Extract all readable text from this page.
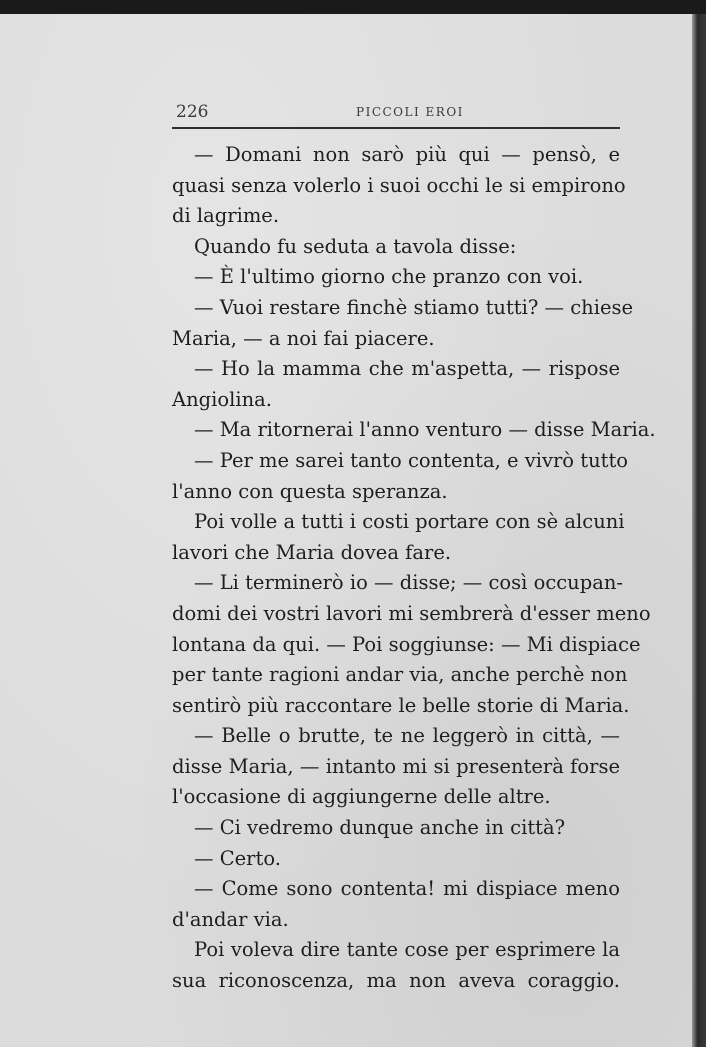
226	PICCOLI EROI
— Domani non sarò più qui — pensò, e
quasi senza volerlo i suoi occhi le si empirono
di lagrime.
Quando fu seduta a tavola disse:
— È l'ultimo giorno che pranzo con voi.
— Vuoi restare finchè stiamo tutti? — chiese
Maria, — a noi fai piacere.
— Ho la mamma che m'aspetta, — rispose
Angiolina.
— Ma ritornerai l'anno venturo — disse Maria.
— Per me sarei tanto contenta, e vivrò tutto
l'anno con questa speranza.
Poi volle a tutti i costi portare con sè alcuni
lavori che Maria dovea fare.
— Li terminerò io — disse; — così occupan-
domi dei vostri lavori mi sembrerà d'esser meno
lontana da qui. — Poi soggiunse: — Mi dispiace
per tante ragioni andar via, anche perchè non
sentirò più raccontare le belle storie di Maria.
— Belle o brutte, te ne leggerò in città, —
disse Maria, — intanto mi si presenterà forse
l'occasione di aggiungerne delle altre.
— Ci vedremo dunque anche in città?
— Certo.
— Come sono contenta! mi dispiace meno
d'andar via.
Poi voleva dire tante cose per esprimere la
sua riconoscenza, ma non aveva coraggio.
